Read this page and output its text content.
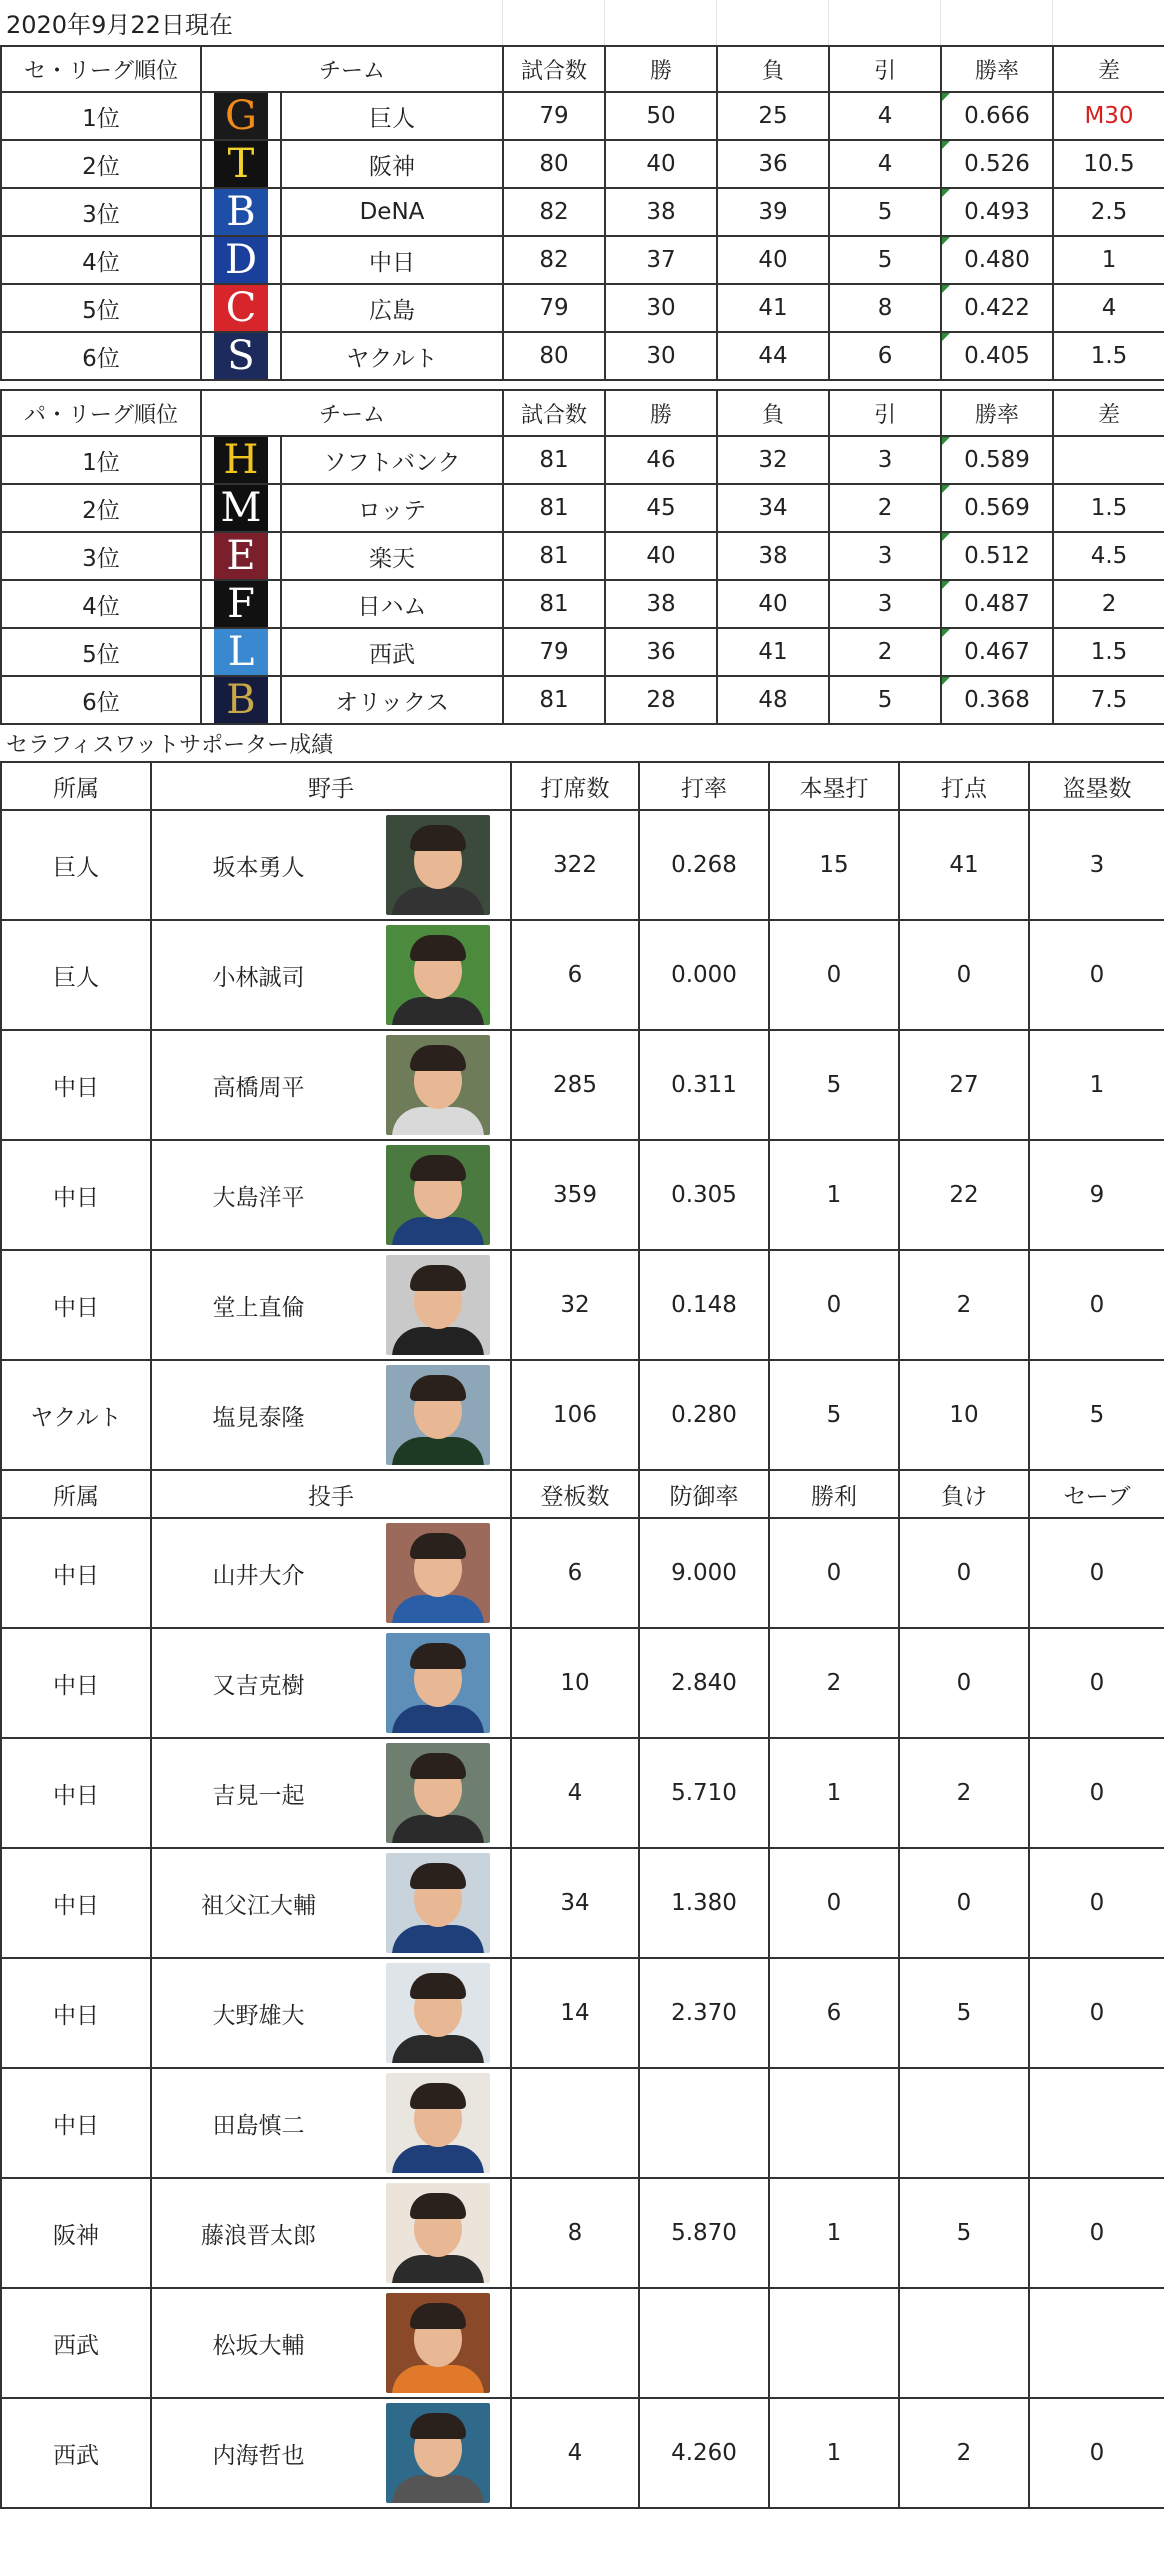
2020年9月22日現在
セ・リーグ順位	チーム		試合数	勝	負	引	勝率	差
1位	G	巨人	79	50	25	4	0.666	M30
2位	T	阪神	80	40	36	4	0.526	10.5
3位	B	DeNA	82	38	39	5	0.493	2.5
4位	D	中日	82	37	40	5	0.480	1
5位	C	広島	79	30	41	8	0.422	4
6位	S	ヤクルト	80	30	44	6	0.405	1.5
パ・リーグ順位	チーム		試合数	勝	負	引	勝率	差
1位	H	ソフトバンク	81	46	32	3	0.589	
2位	M	ロッテ	81	45	34	2	0.569	1.5
3位	E	楽天	81	40	38	3	0.512	4.5
4位	F	日ハム	81	38	40	3	0.487	2
5位	L	西武	79	36	41	2	0.467	1.5
6位	B	オリックス	81	28	48	5	0.368	7.5
セラフィスワットサポーター成績
所属	野手		打席数	打率	本塁打	打点	盗塁数
巨人	坂本勇人		322	0.268	15	41	3
巨人	小林誠司		6	0.000	0	0	0
中日	高橋周平		285	0.311	5	27	1
中日	大島洋平		359	0.305	1	22	9
中日	堂上直倫		32	0.148	0	2	0
ヤクルト	塩見泰隆		106	0.280	5	10	5
所属	投手		登板数	防御率	勝利	負け	セーブ
中日	山井大介		6	9.000	0	0	0
中日	又吉克樹		10	2.840	2	0	0
中日	吉見一起		4	5.710	1	2	0
中日	祖父江大輔		34	1.380	0	0	0
中日	大野雄大		14	2.370	6	5	0
中日	田島慎二	

阪神	藤浪晋太郎		8	5.870	1	5	0
西武	松坂大輔	

西武	内海哲也		4	4.260	1	2	0
